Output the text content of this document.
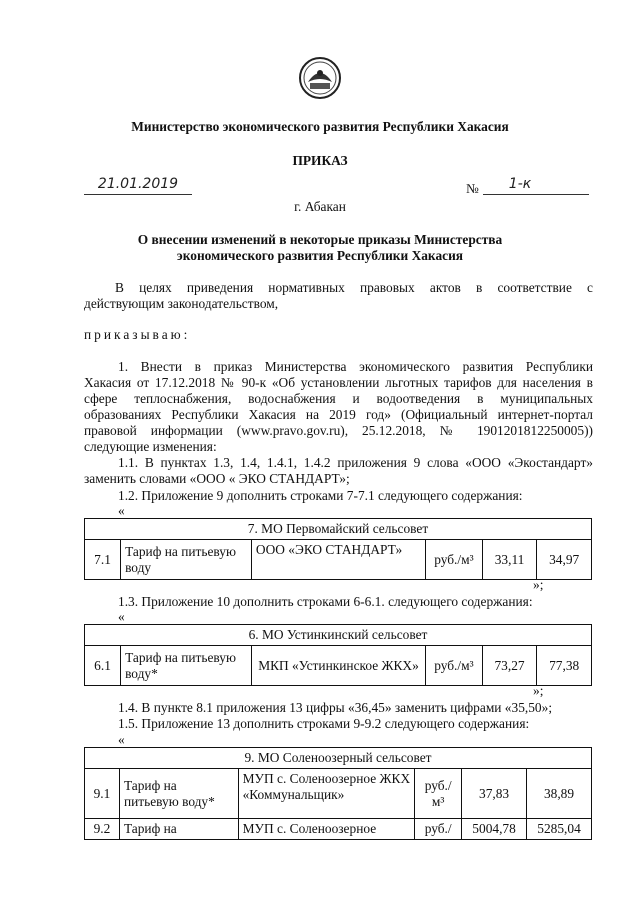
Министерство экономического развития Республики Хакасия
ПРИКАЗ
21.01.2019	№	1-к
г. Абакан
О внесении изменений в некоторые приказы Министерства
экономического развития Республики Хакасия
В целях приведения нормативных правовых актов в соответствие с
действующим законодательством,
приказываю:
1. Внести в приказ Министерства экономического развития Республики
Хакасия от 17.12.2018 № 90-к «Об установлении льготных тарифов для населения в
сфере теплоснабжения, водоснабжения и водоотведения в муниципальных
образованиях Республики Хакасия на 2019 год» (Официальный интернет-портал
правовой информации (www.pravo.gov.ru), 25.12.2018, № 1901201812250005))
следующие изменения:
1.1. В пунктах 1.3, 1.4, 1.4.1, 1.4.2 приложения 9 слова «ООО «Экостандарт»
заменить словами «ООО « ЭКО СТАНДАРТ»;
1.2. Приложение 9 дополнить строками 7-7.1 следующего содержания:
«
7. МО Первомайский сельсовет
7.1	Тариф на питьевую воду	ООО «ЭКО СТАНДАРТ»	руб./м³	33,11	34,97
»;
1.3. Приложение 10 дополнить строками 6-6.1. следующего содержания:
«
6. МО Устинкинский сельсовет
6.1	Тариф на питьевую воду*	МКП «Устинкинское ЖКХ»	руб./м³	73,27	77,38
»;
1.4. В пункте 8.1 приложения 13 цифры «36,45» заменить цифрами «35,50»;
1.5. Приложение 13 дополнить строками 9-9.2 следующего содержания:
«
9. МО Соленоозерный сельсовет					
9.1	Тариф на питьевую воду*	МУП с. Соленоозерное ЖКХ «Коммунальщик»	руб./м³	37,83	38,89
9.2	Тариф на	МУП с. Соленоозерное	руб./	5004,78	5285,04
